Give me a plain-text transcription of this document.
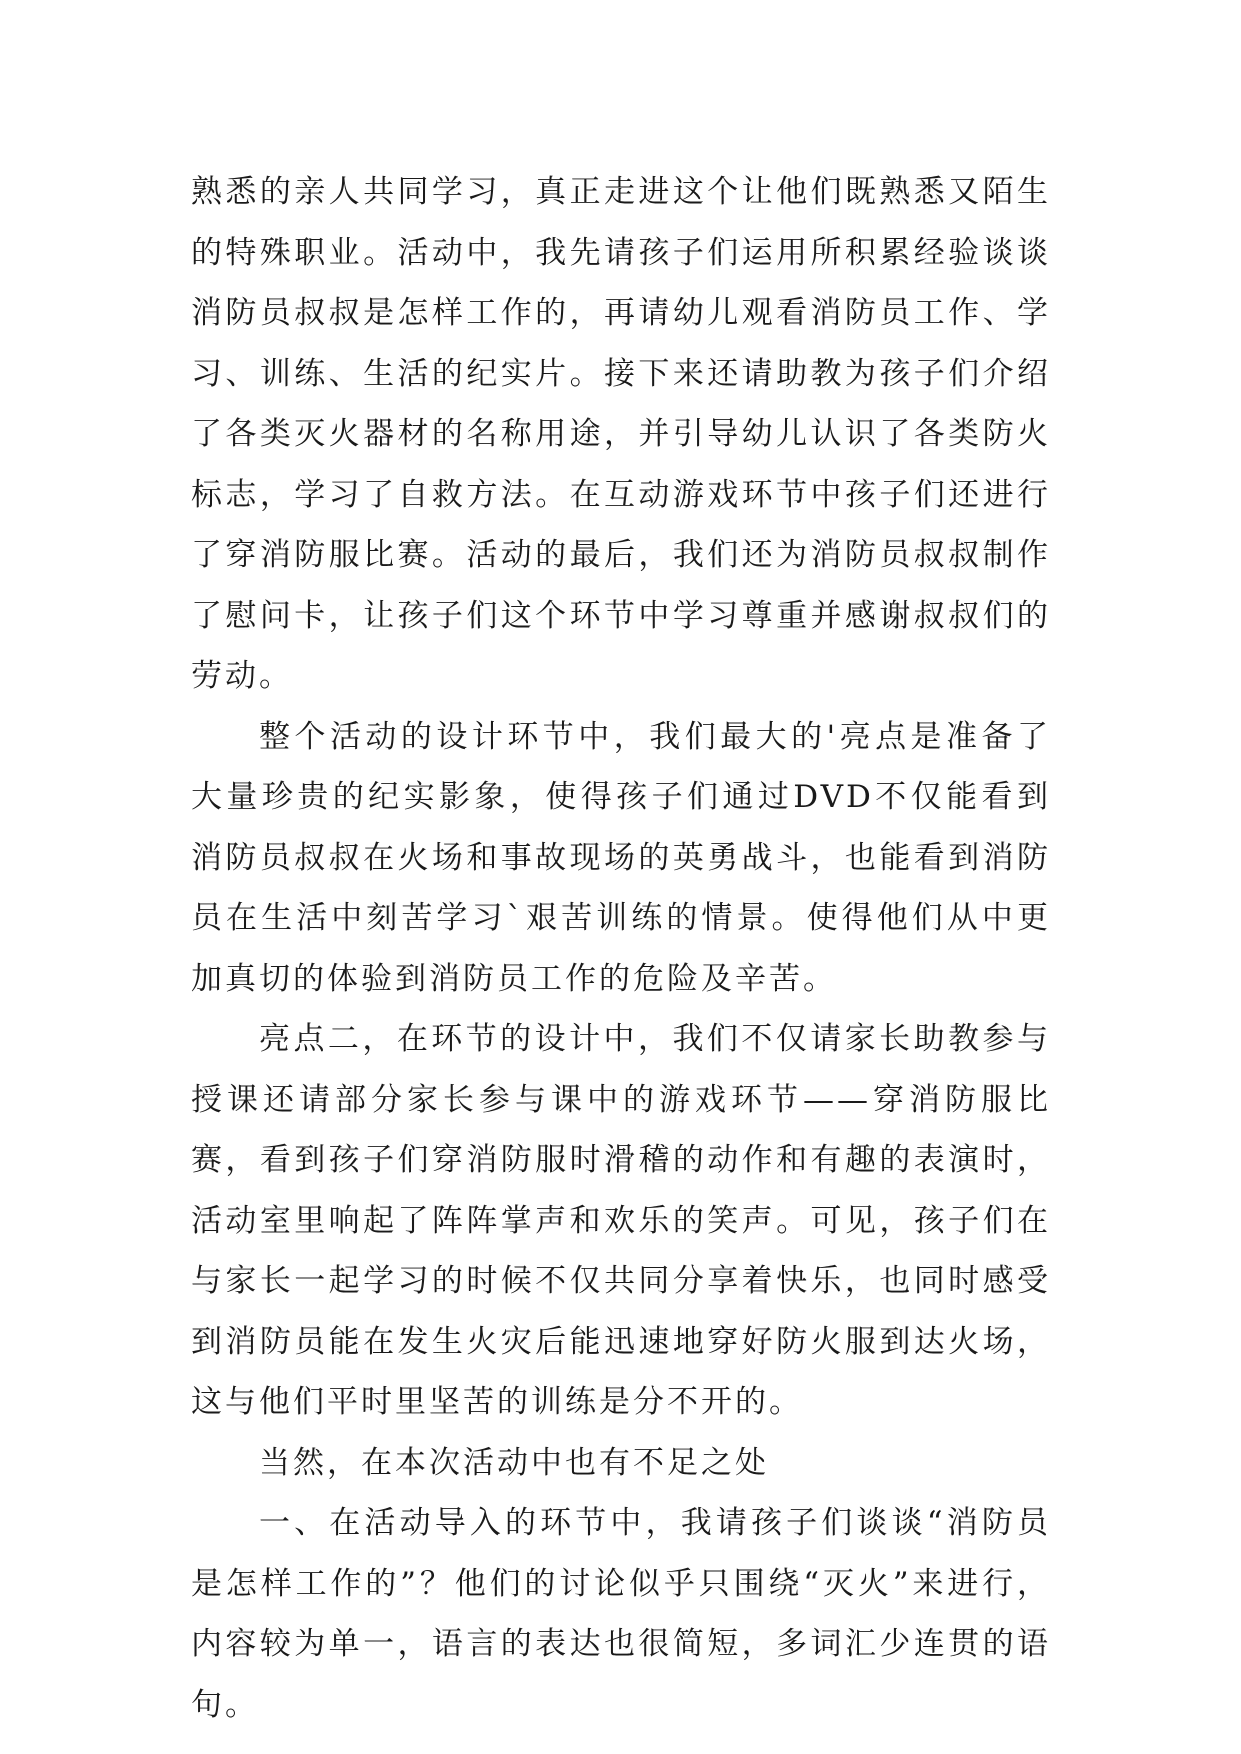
熟悉的亲人共同学习，真正走进这个让他们既熟悉又陌生的特殊职业。活动中，我先请孩子们运用所积累经验谈谈消防员叔叔是怎样工作的，再请幼儿观看消防员工作、学习、训练、生活的纪实片。接下来还请助教为孩子们介绍了各类灭火器材的名称用途，并引导幼儿认识了各类防火标志，学习了自救方法。在互动游戏环节中孩子们还进行了穿消防服比赛。活动的最后，我们还为消防员叔叔制作了慰问卡，让孩子们这个环节中学习尊重并感谢叔叔们的劳动。

整个活动的设计环节中，我们最大的'亮点是准备了大量珍贵的纪实影象，使得孩子们通过DVD不仅能看到消防员叔叔在火场和事故现场的英勇战斗，也能看到消防员在生活中刻苦学习`艰苦训练的情景。使得他们从中更加真切的体验到消防员工作的危险及辛苦。

亮点二，在环节的设计中，我们不仅请家长助教参与授课还请部分家长参与课中的游戏环节——穿消防服比赛，看到孩子们穿消防服时滑稽的动作和有趣的表演时，活动室里响起了阵阵掌声和欢乐的笑声。可见，孩子们在与家长一起学习的时候不仅共同分享着快乐，也同时感受到消防员能在发生火灾后能迅速地穿好防火服到达火场，这与他们平时里坚苦的训练是分不开的。

当然，在本次活动中也有不足之处

一、在活动导入的环节中，我请孩子们谈谈“消防员是怎样工作的”？他们的讨论似乎只围绕“灭火”来进行，内容较为单一，语言的表达也很简短，多词汇少连贯的语句。
